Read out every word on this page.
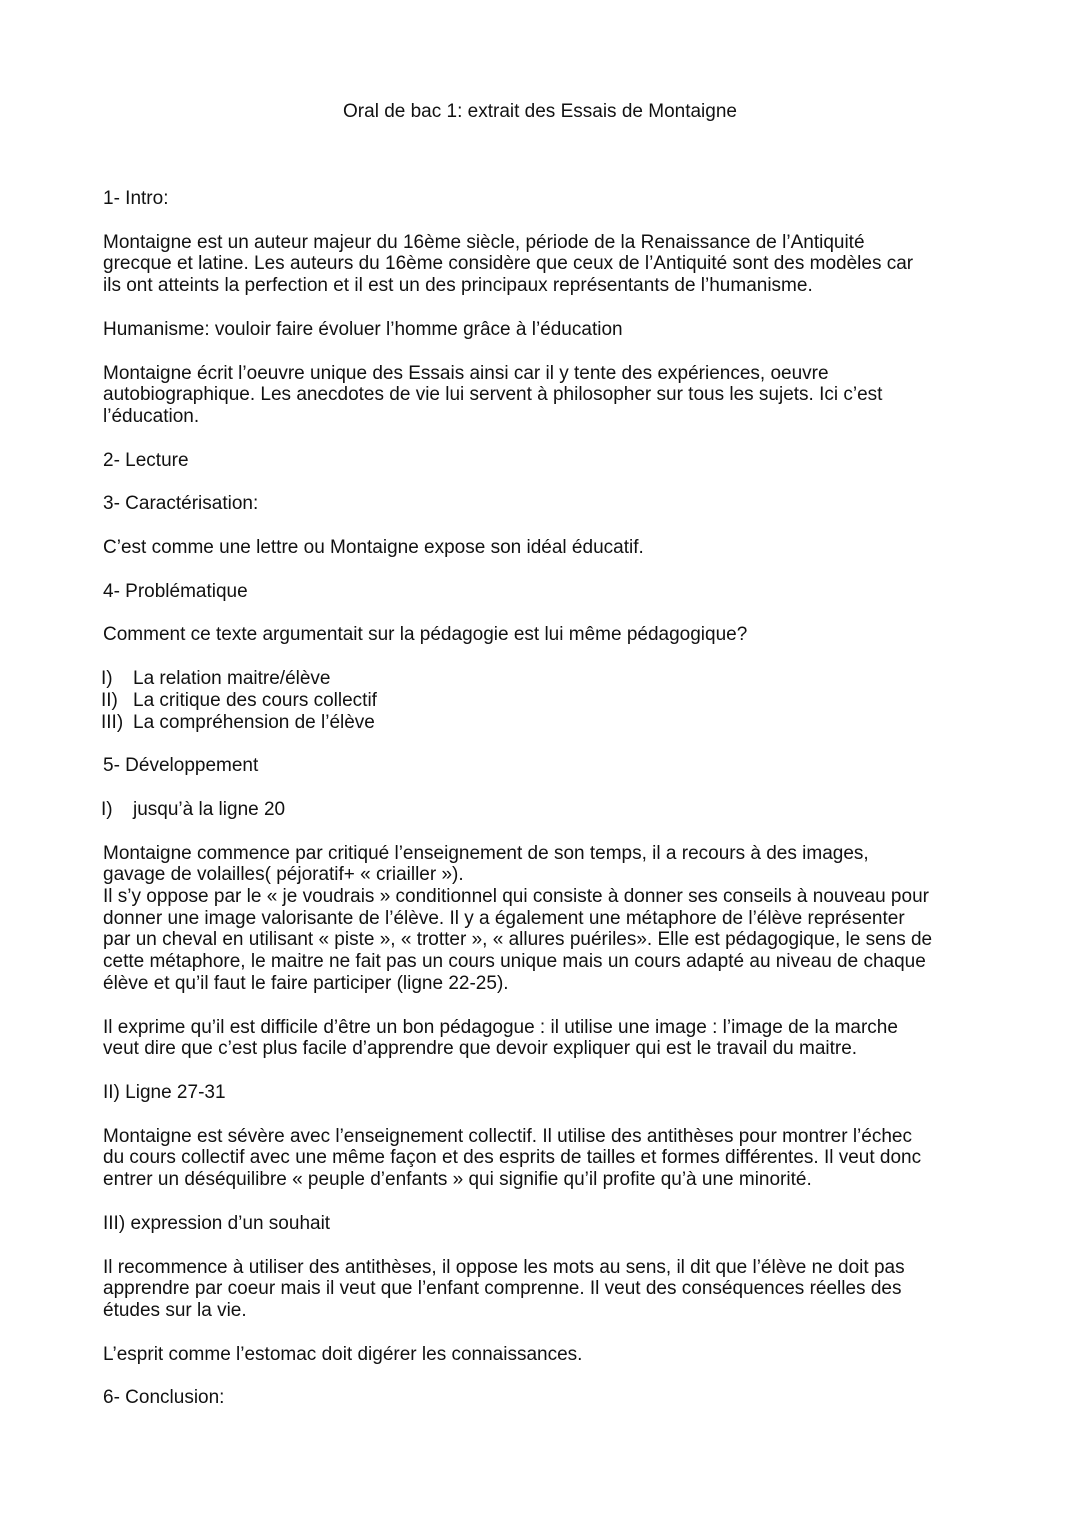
Oral de bac 1: extrait des Essais de Montaigne

1- Intro:

Montaigne est un auteur majeur du 16ème siècle, période de la Renaissance de l’Antiquité
grecque et latine. Les auteurs du 16ème considère que ceux de l’Antiquité sont des modèles car
ils ont atteints la perfection et il est un des principaux représentants de l’humanisme.

Humanisme: vouloir faire évoluer l’homme grâce à l’éducation

Montaigne écrit l’oeuvre unique des Essais ainsi car il y tente des expériences, oeuvre
autobiographique. Les anecdotes de vie lui servent à philosopher sur tous les sujets. Ici c’est
l’éducation.

2- Lecture

3- Caractérisation:

C’est comme une lettre ou Montaigne expose son idéal éducatif.

4- Problématique

Comment ce texte argumentait sur la pédagogie est lui même pédagogique?

I) La relation maitre/élève
II) La critique des cours collectif
III) La compréhension de l’élève

5- Développement

I) jusqu’à la ligne 20

Montaigne commence par critiqué l’enseignement de son temps, il a recours à des images,
gavage de volailles( péjoratif+ « criailler »).
Il s’y oppose par le « je voudrais » conditionnel qui consiste à donner ses conseils à nouveau pour
donner une image valorisante de l’élève. Il y a également une métaphore de l’élève représenter
par un cheval en utilisant « piste », « trotter », « allures puériles». Elle est pédagogique, le sens de
cette métaphore, le maitre ne fait pas un cours unique mais un cours adapté au niveau de chaque
élève et qu’il faut le faire participer (ligne 22-25).

Il exprime qu’il est difficile d’être un bon pédagogue : il utilise une image : l’image de la marche
veut dire que c’est plus facile d’apprendre que devoir expliquer qui est le travail du maitre.

II) Ligne 27-31

Montaigne est sévère avec l’enseignement collectif. Il utilise des antithèses pour montrer l’échec
du cours collectif avec une même façon et des esprits de tailles et formes différentes. Il veut donc
entrer un déséquilibre « peuple d’enfants » qui signifie qu’il profite qu’à une minorité.

III) expression d’un souhait

Il recommence à utiliser des antithèses, il oppose les mots au sens, il dit que l’élève ne doit pas
apprendre par coeur mais il veut que l’enfant comprenne. Il veut des conséquences réelles des
études sur la vie.

L’esprit comme l’estomac doit digérer les connaissances.

6- Conclusion:
